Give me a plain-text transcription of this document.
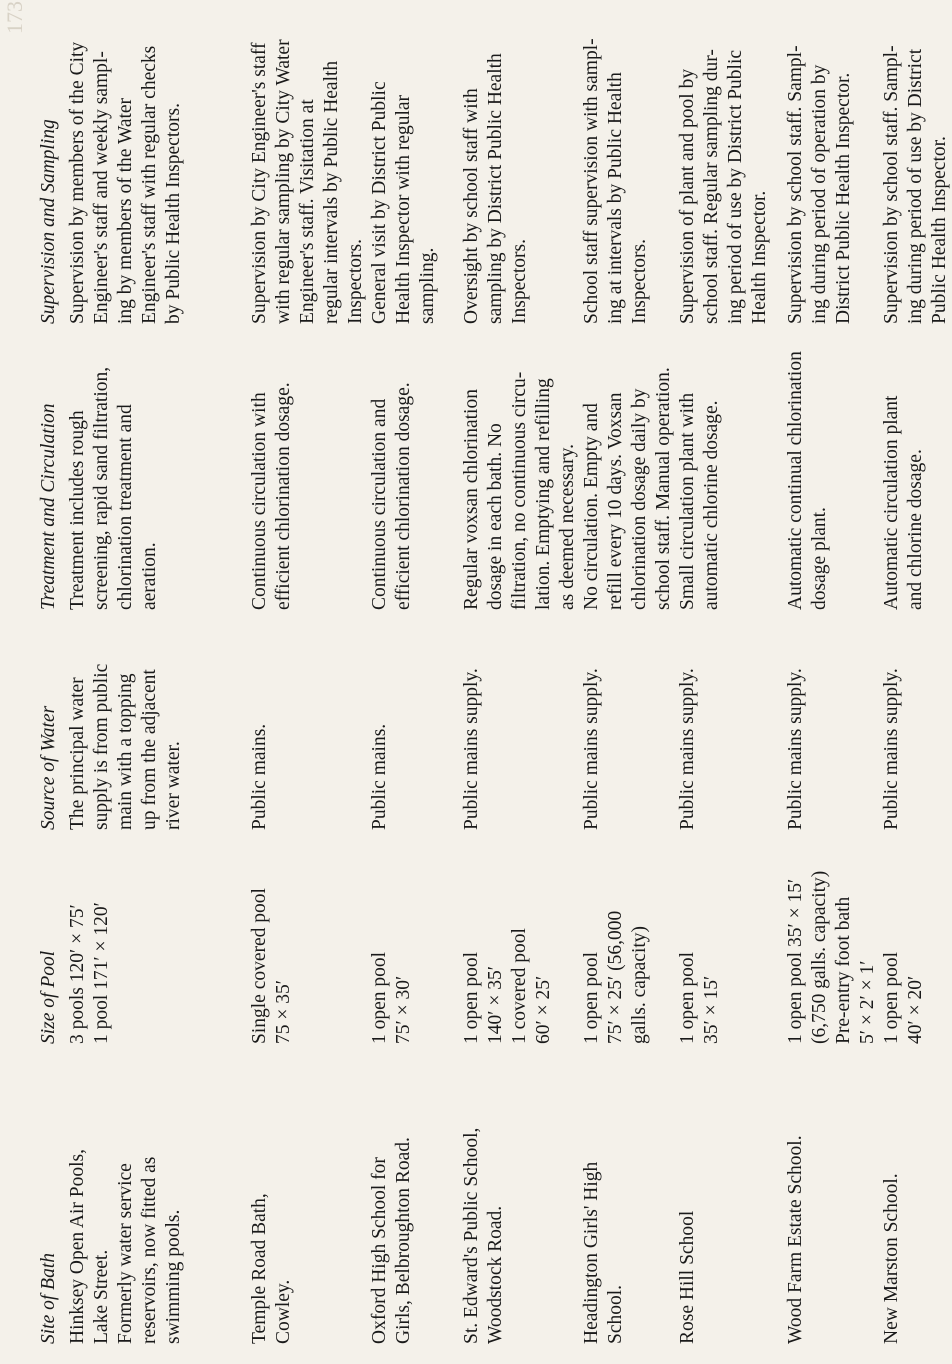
173
Site of Bath	Size of Pool	Source of Water	Treatment and Circulation	Supervision and Sampling
Hinksey Open Air Pools,
Lake Street.
Formerly water service
reservoirs, now fitted as
swimming pools.	3 pools 120′ × 75′
1 pool 171′ × 120′	The principal water
supply is from public
main with a topping
up from the adjacent
river water.	Treatment includes rough
screening, rapid sand filtration,
chlorination treatment and
aeration.	Supervision by members of the City
Engineer's staff and weekly sampl-
ing by members of the Water
Engineer's staff with regular checks
by Public Health Inspectors.
Temple Road Bath,
Cowley.	Single covered pool
75 × 35′	Public mains.	Continuous circulation with
efficient chlorination dosage.	Supervision by City Engineer's staff
with regular sampling by City Water
Engineer's staff. Visitation at
regular intervals by Public Health
Inspectors.
Oxford High School for
Girls, Belbroughton Road.	1 open pool
75′ × 30′	Public mains.	Continuous circulation and
efficient chlorination dosage.	General visit by District Public
Health Inspector with regular
sampling.
St. Edward's Public School,
Woodstock Road.	1 open pool
140′ × 35′
1 covered pool
60′ × 25′	Public mains supply.	Regular voxsan chlorination
dosage in each bath. No
filtration, no continuous circu-
lation. Emptying and refilling
as deemed necessary.	Oversight by school staff with
sampling by District Public Health
Inspectors.
Headington Girls' High
School.	1 open pool
75′ × 25′ (56,000
galls. capacity)	Public mains supply.	No circulation. Empty and
refill every 10 days. Voxsan
chlorination dosage daily by
school staff. Manual operation.	School staff supervision with sampl-
ing at intervals by Public Health
Inspectors.
Rose Hill School	1 open pool
35′ × 15′	Public mains supply.	Small circulation plant with
automatic chlorine dosage.	Supervision of plant and pool by
school staff. Regular sampling dur-
ing period of use by District Public
Health Inspector.
Wood Farm Estate School.	1 open pool 35′ × 15′
(6,750 galls. capacity)
Pre-entry foot bath
5′ × 2′ × 1′	Public mains supply.	Automatic continual chlorination
dosage plant.	Supervision by school staff. Sampl-
ing during period of operation by
District Public Health Inspector.
New Marston School.	1 open pool
40′ × 20′	Public mains supply.	Automatic circulation plant
and chlorine dosage.	Supervision by school staff. Sampl-
ing during period of use by District
Public Health Inspector.
